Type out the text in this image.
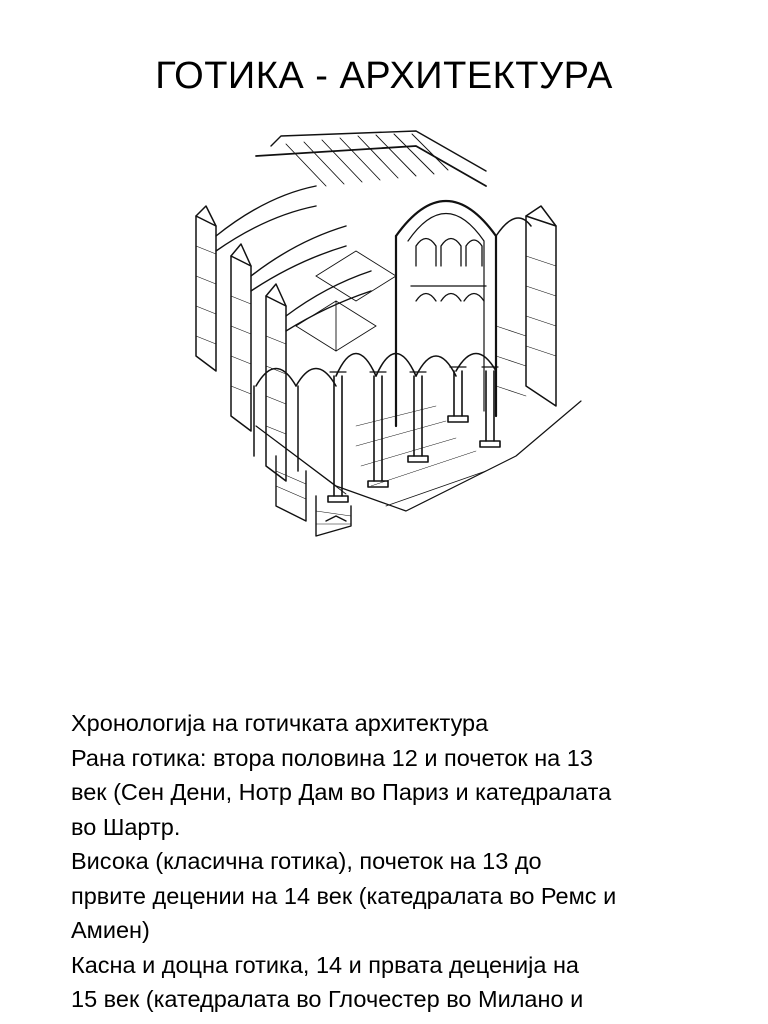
ГОТИКА - АРХИТЕКТУРА
Хронологија на готичката архитектура
Рана готика: втора половина 12 и почеток на 13
век (Сен Дени, Нотр Дам во Париз и катедралата
во Шартр.
Висока (класична готика), почеток на 13 до
првите децении на 14 век (катедралата во Ремс и
Амиен)
Касна и доцна готика, 14 и првата деценија на
15 век (катедралата во Глочестер во Милано и
